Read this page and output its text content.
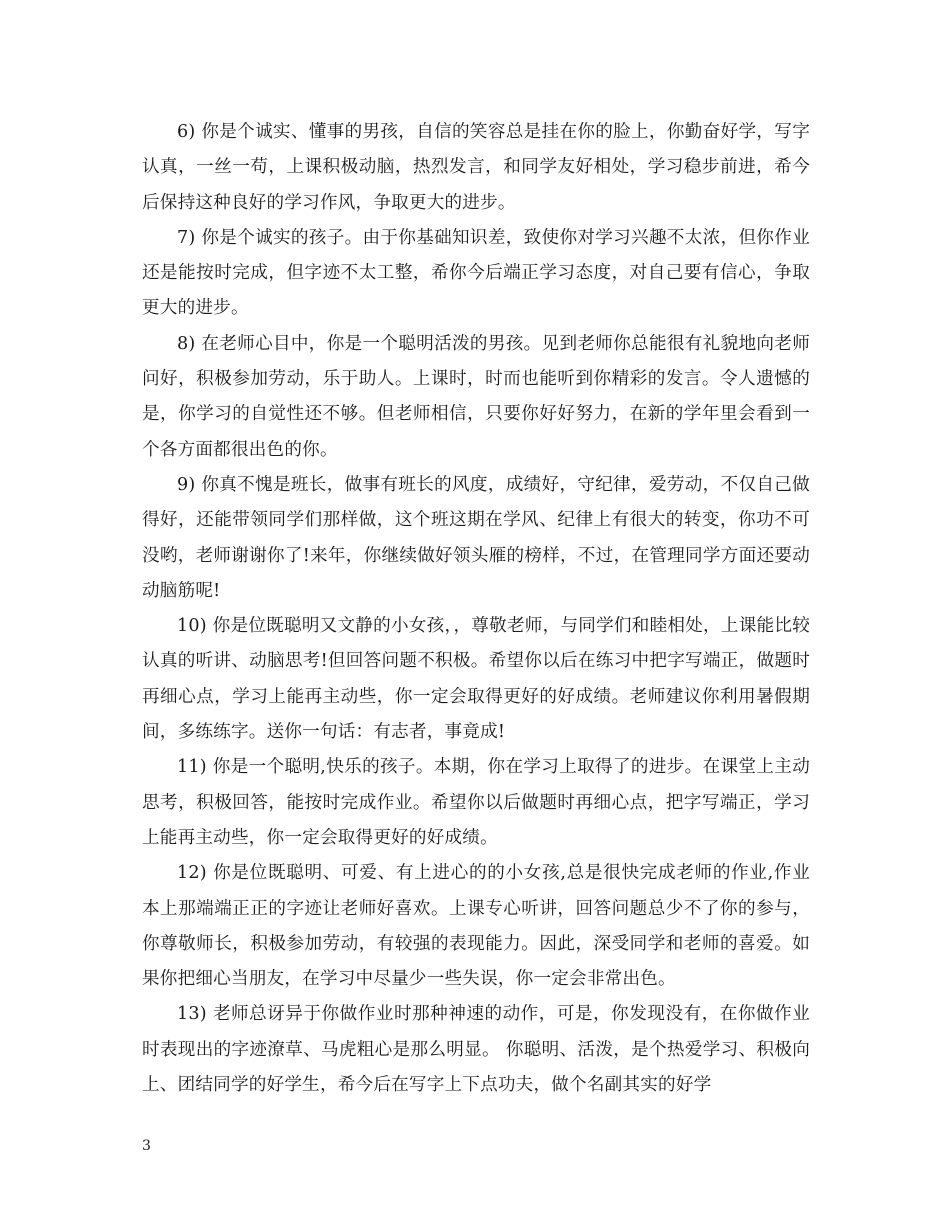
6) 你是个诚实、懂事的男孩，自信的笑容总是挂在你的脸上，你勤奋好学，写字认真，一丝一苟，上课积极动脑，热烈发言，和同学友好相处，学习稳步前进，希今后保持这种良好的学习作风，争取更大的进步。

7) 你是个诚实的孩子。由于你基础知识差，致使你对学习兴趣不太浓，但你作业还是能按时完成，但字迹不太工整，希你今后端正学习态度，对自己要有信心，争取更大的进步。

8) 在老师心目中，你是一个聪明活泼的男孩。见到老师你总能很有礼貌地向老师问好，积极参加劳动，乐于助人。上课时，时而也能听到你精彩的发言。令人遗憾的是，你学习的自觉性还不够。但老师相信，只要你好好努力，在新的学年里会看到一个各方面都很出色的你。

9) 你真不愧是班长，做事有班长的风度，成绩好，守纪律，爱劳动，不仅自己做得好，还能带领同学们那样做，这个班这期在学风、纪律上有很大的转变，你功不可没哟，老师谢谢你了!来年，你继续做好领头雁的榜样，不过，在管理同学方面还要动动脑筋呢!

10) 你是位既聪明又文静的小女孩，，尊敬老师，与同学们和睦相处，上课能比较认真的听讲、动脑思考!但回答问题不积极。希望你以后在练习中把字写端正，做题时再细心点，学习上能再主动些，你一定会取得更好的好成绩。老师建议你利用暑假期间，多练练字。送你一句话：有志者，事竟成!

11) 你是一个聪明,快乐的孩子。本期，你在学习上取得了的进步。在课堂上主动思考，积极回答，能按时完成作业。希望你以后做题时再细心点，把字写端正，学习上能再主动些，你一定会取得更好的好成绩。

12) 你是位既聪明、可爱、有上进心的的小女孩,总是很快完成老师的作业,作业本上那端端正正的字迹让老师好喜欢。上课专心听讲，回答问题总少不了你的参与，你尊敬师长，积极参加劳动，有较强的表现能力。因此，深受同学和老师的喜爱。如果你把细心当朋友，在学习中尽量少一些失误，你一定会非常出色。

13) 老师总讶异于你做作业时那种神速的动作，可是，你发现没有，在你做作业时表现出的字迹潦草、马虎粗心是那么明显。 你聪明、活泼，是个热爱学习、积极向上、团结同学的好学生，希今后在写字上下点功夫，做个名副其实的好学

3
